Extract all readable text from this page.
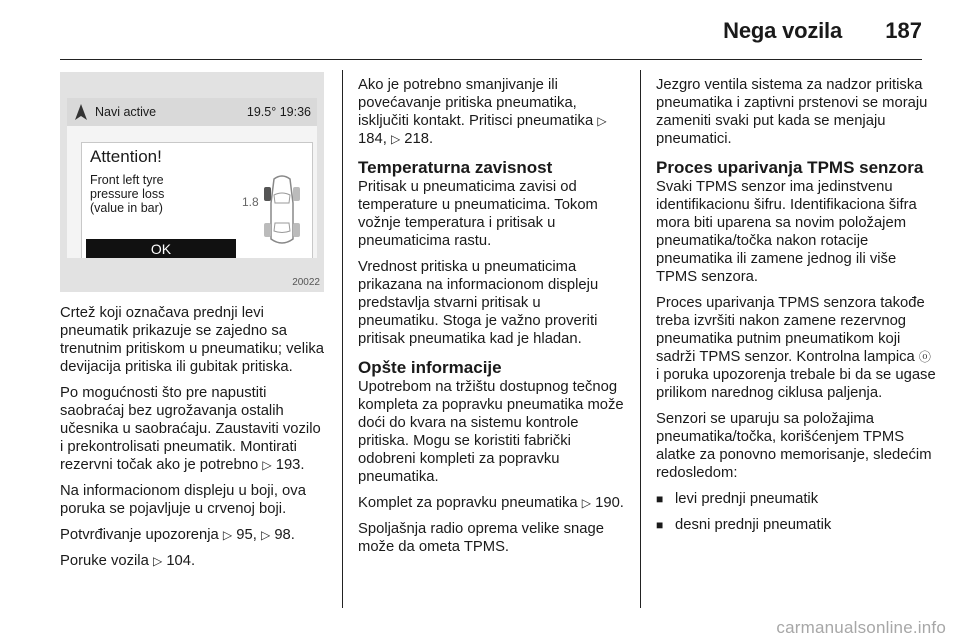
Nega vozila 187
Navi active	19.5° 19:36
Attention!
Front left tyre
pressure loss
(value in bar)	1.8
OK
20022

Crtež koji označava prednji levi pneumatik prikazuje se zajedno sa trenutnim pritiskom u pneumatiku; velika devijacija pritiska ili gubitak pritiska.

Po mogućnosti što pre napustiti saobraćaj bez ugrožavanja ostalih učesnika u saobraćaju. Zaustaviti vozilo i prekontrolisati pneumatik. Montirati rezervni točak ako je potrebno ▷ 193.

Na informacionom displeju u boji, ova poruka se pojavljuje u crvenoj boji.

Potvrđivanje upozorenja ▷ 95, ▷ 98.

Poruke vozila ▷ 104.

Ako je potrebno smanjivanje ili povećavanje pritiska pneumatika, isključiti kontakt. Pritisci pneumatika ▷ 184, ▷ 218.

Temperaturna zavisnost

Pritisak u pneumaticima zavisi od temperature u pneumaticima. Tokom vožnje temperatura i pritisak u pneumaticima rastu.

Vrednost pritiska u pneumaticima prikazana na informacionom displeju predstavlja stvarni pritisak u pneumatiku. Stoga je važno proveriti pritisak pneumatika kad je hladan.

Opšte informacije

Upotrebom na tržištu dostupnog tečnog kompleta za popravku pneumatika može doći do kvara na sistemu kontrole pritiska. Mogu se koristiti fabrički odobreni kompleti za popravku pneumatika.

Komplet za popravku pneumatika ▷ 190.

Spoljašnja radio oprema velike snage može da ometa TPMS.

Jezgro ventila sistema za nadzor pritiska pneumatika i zaptivni prstenovi se moraju zameniti svaki put kada se menjaju pneumatici.

Proces uparivanja TPMS senzora

Svaki TPMS senzor ima jedinstvenu identifikacionu šifru. Identifikaciona šifra mora biti uparena sa novim položajem pneumatika/točka nakon rotacije pneumatika ili zamene jednog ili više TPMS senzora.

Proces uparivanja TPMS senzora takođe treba izvršiti nakon zamene rezervnog pneumatika putnim pneumatikom koji sadrži TPMS senzor. Kontrolna lampica ⓞ i poruka upozorenja trebale bi da se ugase prilikom narednog ciklusa paljenja.

Senzori se uparuju sa položajima pneumatika/točka, korišćenjem TPMS alatke za ponovno memorisanje, sledećim redosledom:

■ levi prednji pneumatik
■ desni prednji pneumatik
carmanualsonline.info
